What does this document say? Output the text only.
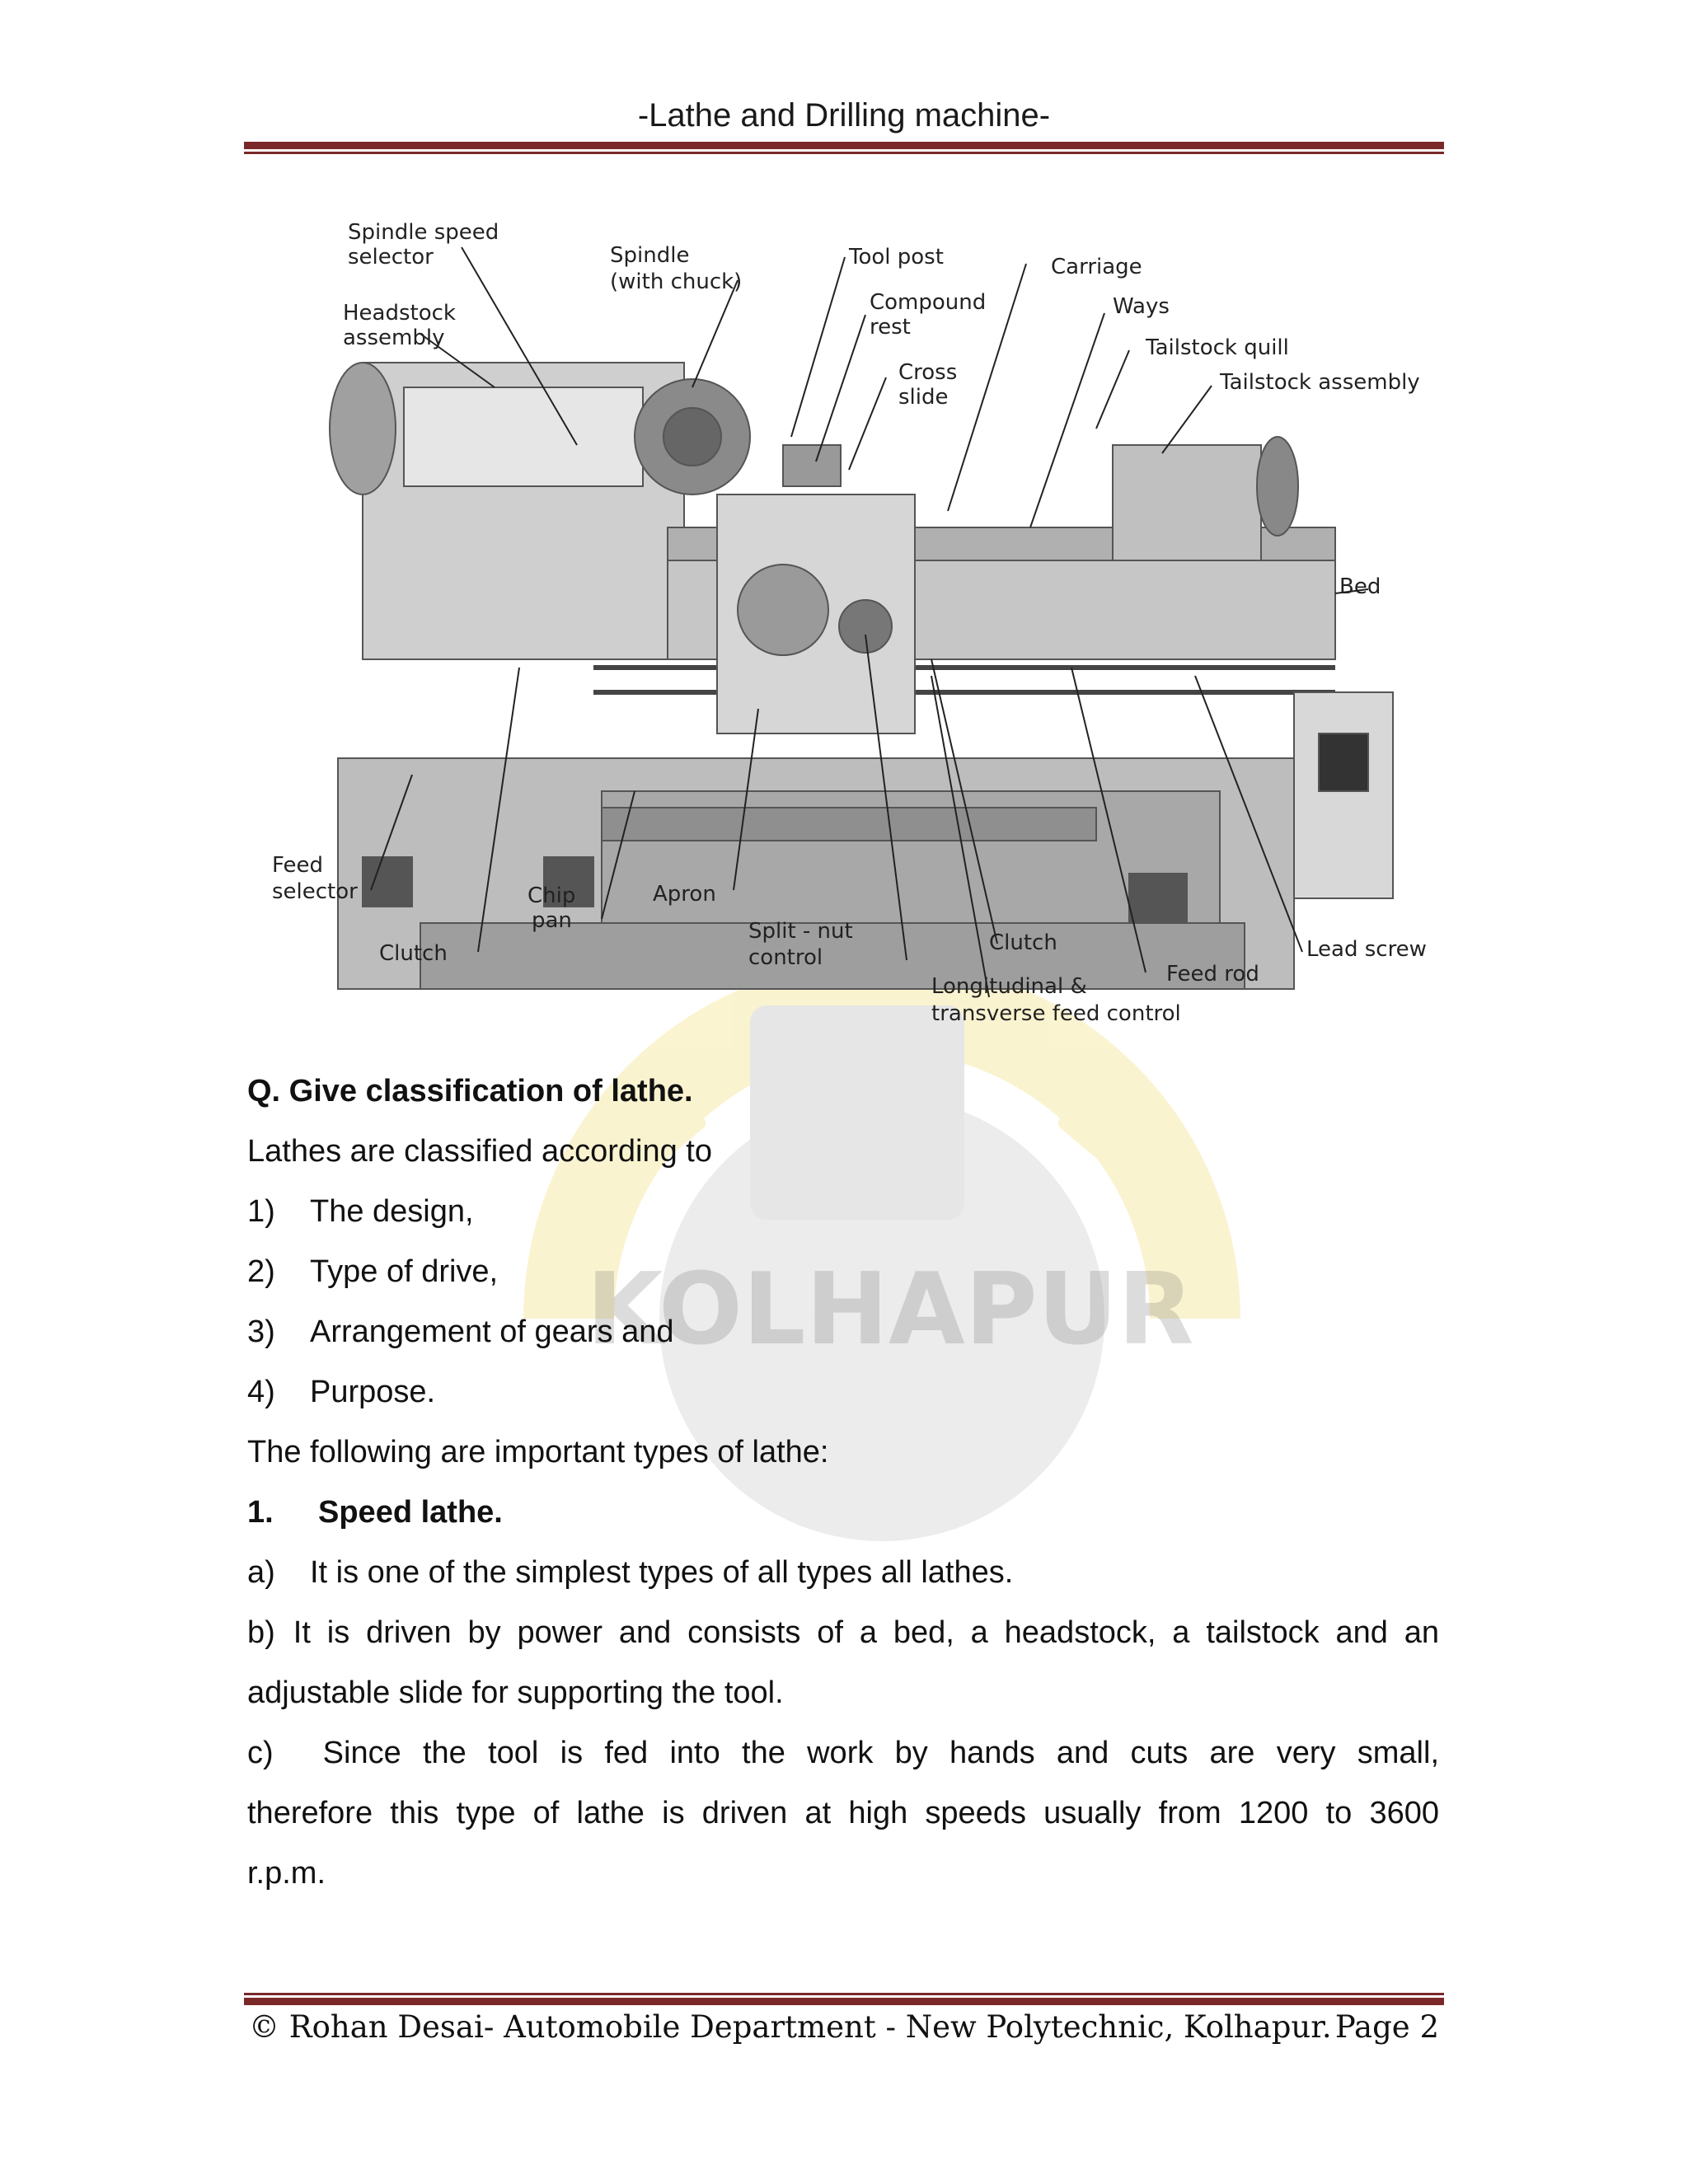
-Lathe and Drilling machine-
KOLHAPUR
Spindle speed
selector
Headstock
assembly
Spindle
(with chuck)
Tool post
Compound
rest
Cross
slide
Carriage
Ways
Tailstock quill
Tailstock assembly
Bed
Feed
selector
Clutch
Chip
pan
Apron
Split - nut
control
Clutch
Longitudinal &
transverse feed control
Feed rod
Lead screw
Q. Give classification of lathe.
Lathes are classified according to
1) The design,
2) Type of drive,
3) Arrangement of gears and
4) Purpose.
The following are important types of lathe:
1. Speed lathe.
a) It is one of the simplest types of all types all lathes.
b) It is driven by power and consists of a bed, a headstock, a tailstock and an
adjustable slide for supporting the tool.
c) Since the tool is fed into the work by hands and cuts are very small,
therefore this type of lathe is driven at high speeds usually from 1200 to 3600
r.p.m.
© Rohan Desai- Automobile Department - New Polytechnic, Kolhapur. Page 2
